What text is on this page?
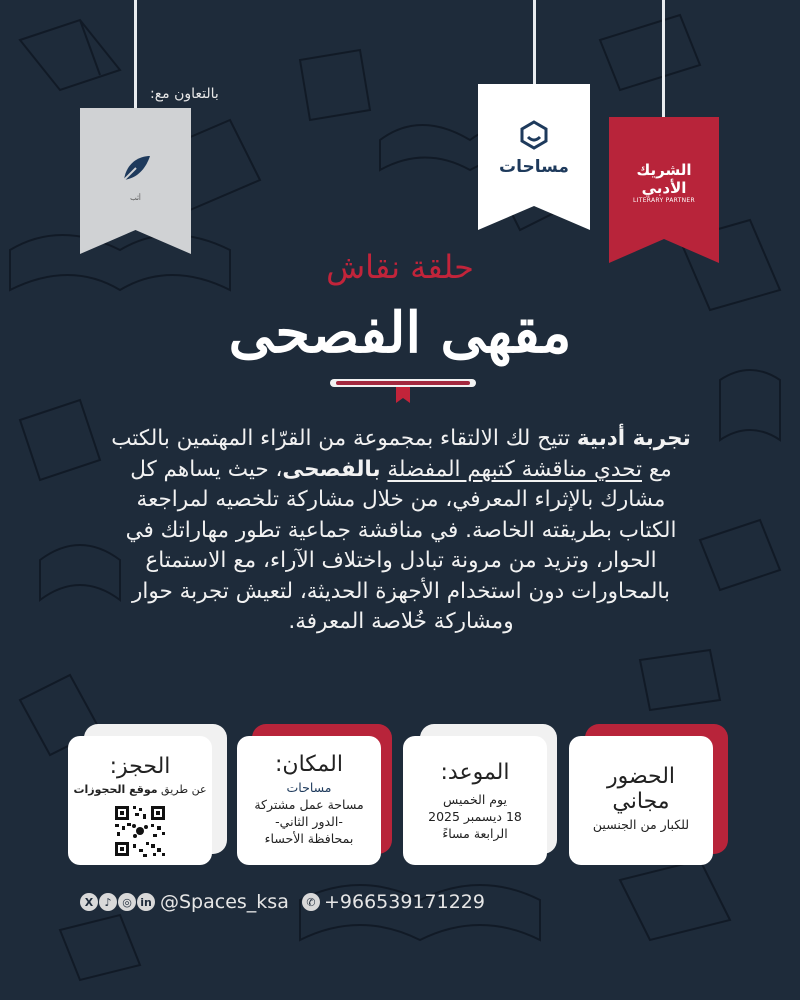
بالتعاون مع:
أثب
مساحات	الشريك
الأدبي
LITERARY PARTNER
حلقة نقاش
مقهى الفصحى
تجربة أدبية تتيح لك الالتقاء بمجموعة من القرّاء المهتمين بالكتب مع تحدي مناقشة كتبهم المفضلة بالفصحى، حيث يساهم كل مشارك بالإثراء المعرفي، من خلال مشاركة تلخصيه لمراجعة الكتاب بطريقته الخاصة. في مناقشة جماعية تطور مهاراتك في الحوار، وتزيد من مرونة تبادل واختلاف الآراء، مع الاستمتاع بالمحاورات دون استخدام الأجهزة الحديثة، لتعيش تجربة حوار ومشاركة خُلاصة المعرفة.
الحضور
مجاني
للكبار من الجنسين
الموعد:
يوم الخميس
18 ديسمبر 2025
الرابعة مساءً
المكان:
مساحات
مساحة عمل مشتركة
-الدور الثاني-
بمحافظة الأحساء
الحجز:
عن طريق موقع الحجوزات
X	♪ ◎ in @Spaces_ksa	✆ +966539171229
